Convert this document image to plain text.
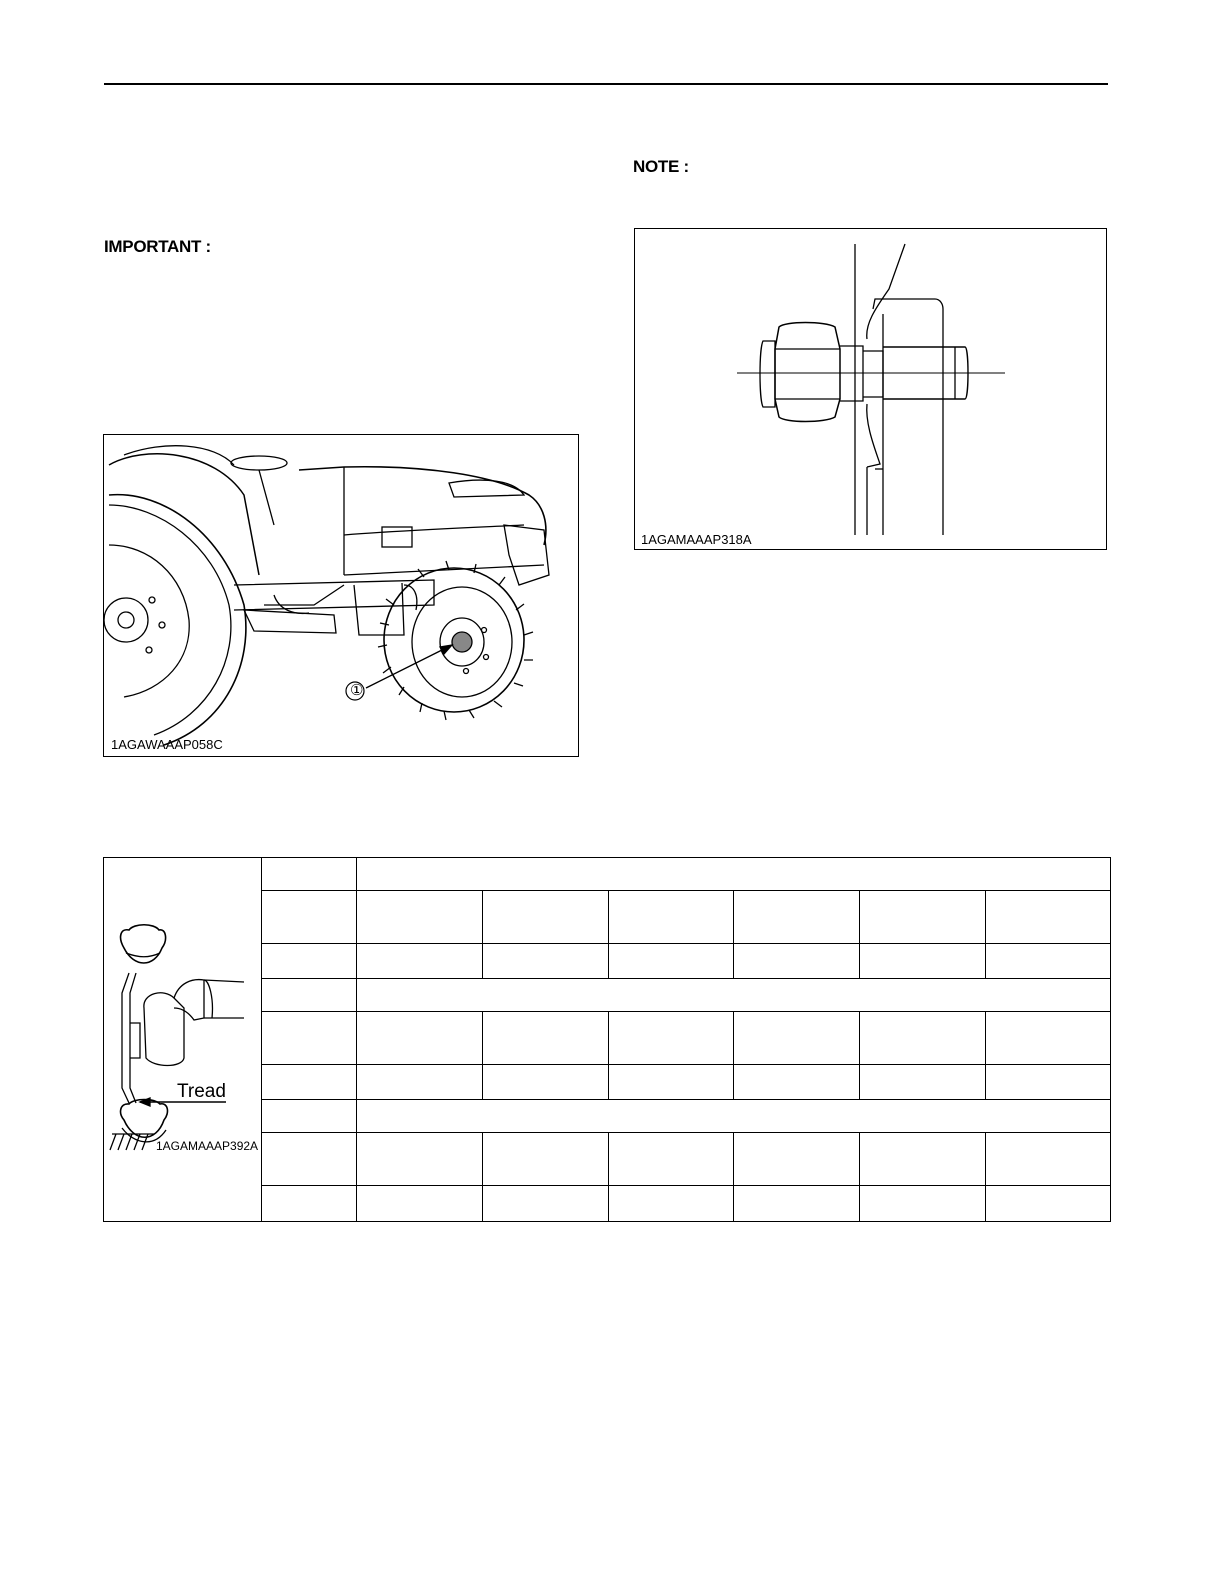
NOTE :
IMPORTANT :
①
1AGAWAAAP058C
1AGAMAAAP318A
Tread
1AGAMAAAP392A							
